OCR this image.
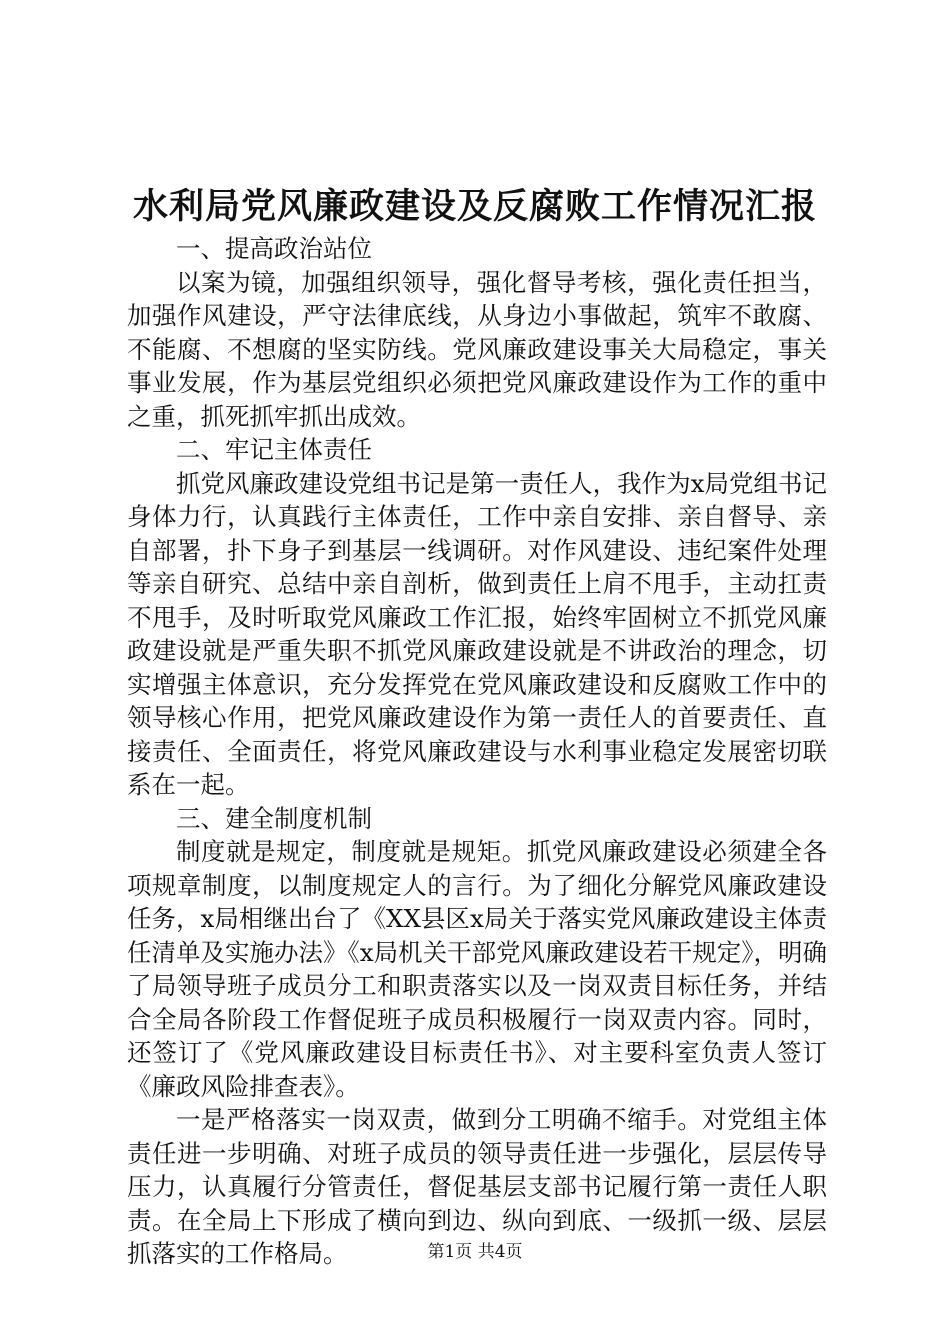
水利局党风廉政建设及反腐败工作情况汇报

一、提高政治站位

以案为镜，加强组织领导，强化督导考核，强化责任担当，加强作风建设，严守法律底线，从身边小事做起，筑牢不敢腐、不能腐、不想腐的坚实防线。党风廉政建设事关大局稳定，事关事业发展，作为基层党组织必须把党风廉政建设作为工作的重中之重，抓死抓牢抓出成效。

二、牢记主体责任

抓党风廉政建设党组书记是第一责任人，我作为x局党组书记身体力行，认真践行主体责任，工作中亲自安排、亲自督导、亲自部署，扑下身子到基层一线调研。对作风建设、违纪案件处理等亲自研究、总结中亲自剖析，做到责任上肩不甩手，主动扛责不甩手，及时听取党风廉政工作汇报，始终牢固树立不抓党风廉政建设就是严重失职不抓党风廉政建设就是不讲政治的理念，切实增强主体意识，充分发挥党在党风廉政建设和反腐败工作中的领导核心作用，把党风廉政建设作为第一责任人的首要责任、直接责任、全面责任，将党风廉政建设与水利事业稳定发展密切联系在一起。

三、建全制度机制

制度就是规定，制度就是规矩。抓党风廉政建设必须建全各项规章制度，以制度规定人的言行。为了细化分解党风廉政建设任务，x局相继出台了《XX县区x局关于落实党风廉政建设主体责任清单及实施办法》《x局机关干部党风廉政建设若干规定》，明确了局领导班子成员分工和职责落实以及一岗双责目标任务，并结合全局各阶段工作督促班子成员积极履行一岗双责内容。同时，还签订了《党风廉政建设目标责任书》、对主要科室负责人签订《廉政风险排查表》。

一是严格落实一岗双责，做到分工明确不缩手。对党组主体责任进一步明确、对班子成员的领导责任进一步强化，层层传导压力，认真履行分管责任，督促基层支部书记履行第一责任人职责。在全局上下形成了横向到边、纵向到底、一级抓一级、层层抓落实的工作格局。	第1页 共4页
